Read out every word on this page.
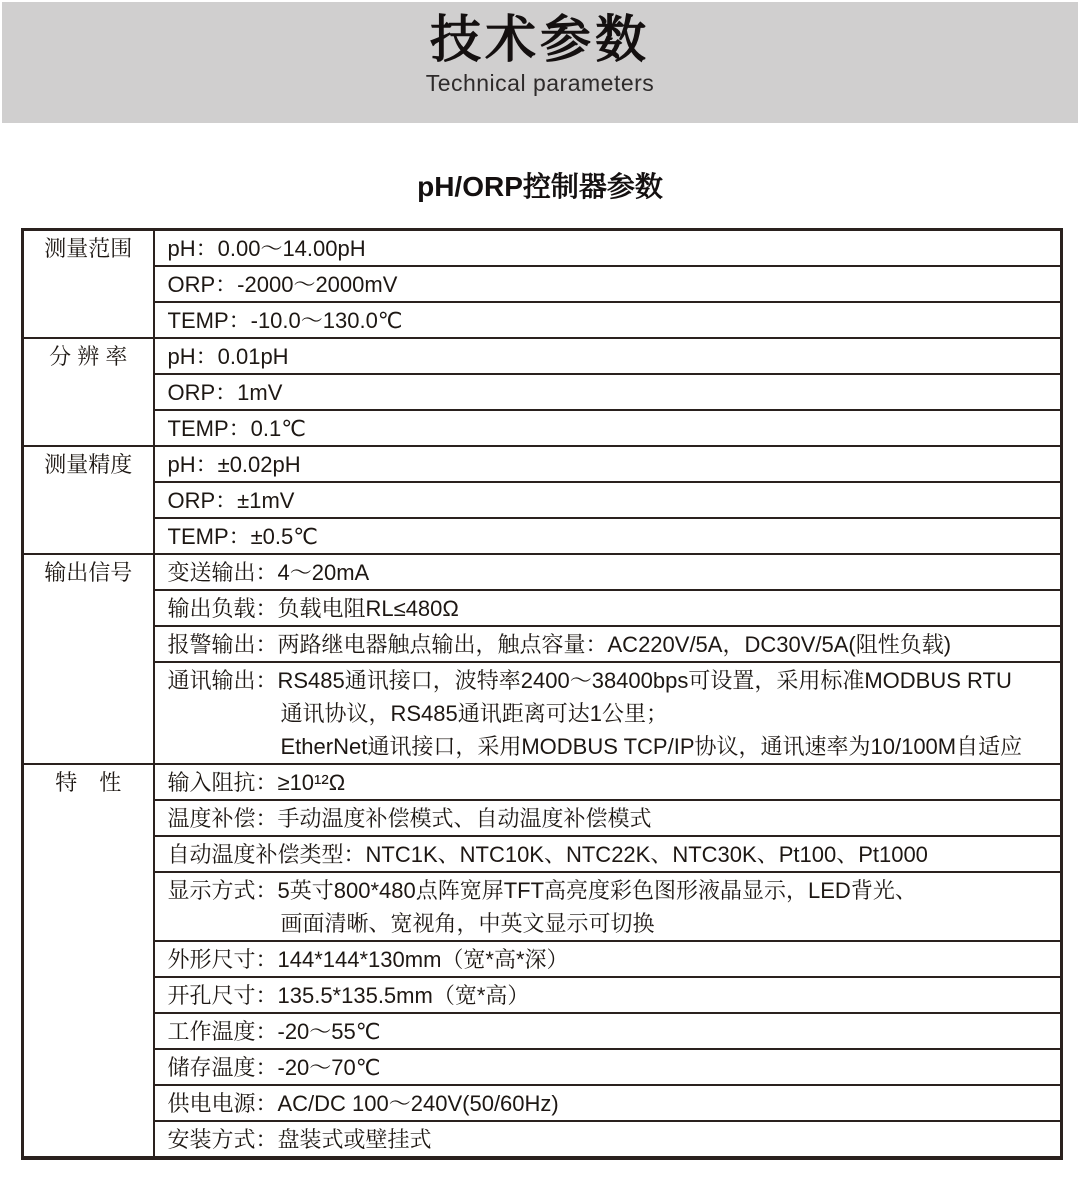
技术参数
Technical parameters
pH/ORP控制器参数
测量范围	pH：0.00～14.00pH

	ORP：-2000～2000mV

	TEMP：-10.0～130.0℃

分 辨 率	pH：0.01pH

	ORP：1mV

	TEMP：0.1℃

测量精度	pH：±0.02pH

	ORP：±1mV

	TEMP：±0.5℃

输出信号	变送输出：4～20mA

	输出负载：负载电阻RL≤480Ω

	报警输出：两路继电器触点输出，触点容量：AC220V/5A，DC30V/5A(阻性负载)

	通讯输出：RS485通讯接口，波特率2400～38400bps可设置，采用标准MODBUS RTU
通讯协议，RS485通讯距离可达1公里；
EtherNet通讯接口，采用MODBUS TCP/IP协议，通讯速率为10/100M自适应

特　性	输入阻抗：≥10¹²Ω

	温度补偿：手动温度补偿模式、自动温度补偿模式

	自动温度补偿类型：NTC1K、NTC10K、NTC22K、NTC30K、Pt100、Pt1000

	显示方式：5英寸800*480点阵宽屏TFT高亮度彩色图形液晶显示，LED背光、
画面清晰、宽视角，中英文显示可切换

	外形尺寸：144*144*130mm（宽*高*深）

	开孔尺寸：135.5*135.5mm（宽*高）

	工作温度：-20～55℃

	储存温度：-20～70℃

	供电电源：AC/DC 100～240V(50/60Hz)

	安装方式：盘装式或壁挂式
